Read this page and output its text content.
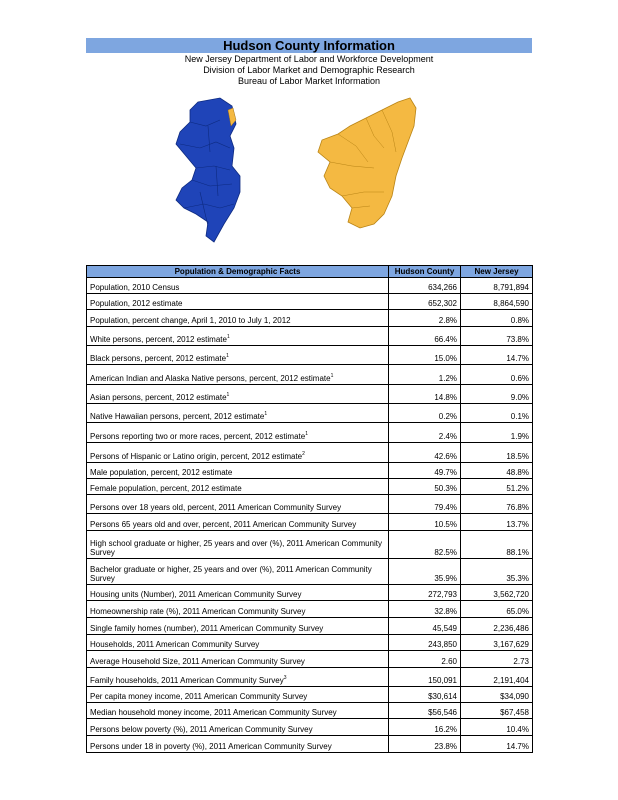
Hudson County Information
New Jersey Department of Labor and Workforce Development
Division of Labor Market and Demographic Research
Bureau of Labor Market Information
Population & Demographic Facts	Hudson County	New Jersey
Population, 2010 Census	634,266	8,791,894
Population, 2012 estimate	652,302	8,864,590
Population, percent change, April 1, 2010 to July 1, 2012	2.8%	0.8%
White persons, percent, 2012 estimate$^1$	66.4%	73.8%
Black persons, percent, 2012 estimate$^1$	15.0%	14.7%
American Indian and Alaska Native persons, percent, 2012 estimate$^1$	1.2%	0.6%
Asian persons, percent, 2012 estimate$^1$	14.8%	9.0%
Native Hawaiian persons, percent, 2012 estimate$^1$	0.2%	0.1%
Persons reporting two or more races, percent, 2012 estimate$^1$	2.4%	1.9%
Persons of Hispanic or Latino origin, percent, 2012 estimate$^2$	42.6%	18.5%
Male population, percent, 2012 estimate	49.7%	48.8%
Female population, percent, 2012 estimate	50.3%	51.2%
Persons over 18 years old, percent, 2011 American Community Survey	79.4%	76.8%
Persons 65 years old and over, percent, 2011 American Community Survey	10.5%	13.7%
High school graduate or higher, 25 years and over (%), 2011 American Community Survey	82.5%	88.1%
Bachelor graduate or higher, 25 years and over (%), 2011 American Community Survey	35.9%	35.3%
Housing units (Number), 2011 American Community Survey	272,793	3,562,720
Homeownership rate (%), 2011 American Community Survey	32.8%	65.0%
Single family homes (number), 2011 American Community Survey	45,549	2,236,486
Households, 2011 American Community Survey	243,850	3,167,629
Average Household Size, 2011 American Community Survey	2.60	2.73
Family households, 2011 American Community Survey$^3$	150,091	2,191,404
Per capita money income, 2011 American Community Survey	$30,614	$34,090
Median household money income, 2011 American Community Survey	$56,546	$67,458
Persons below poverty (%), 2011 American Community Survey	16.2%	10.4%
Persons under 18 in poverty (%), 2011 American Community Survey	23.8%	14.7%
